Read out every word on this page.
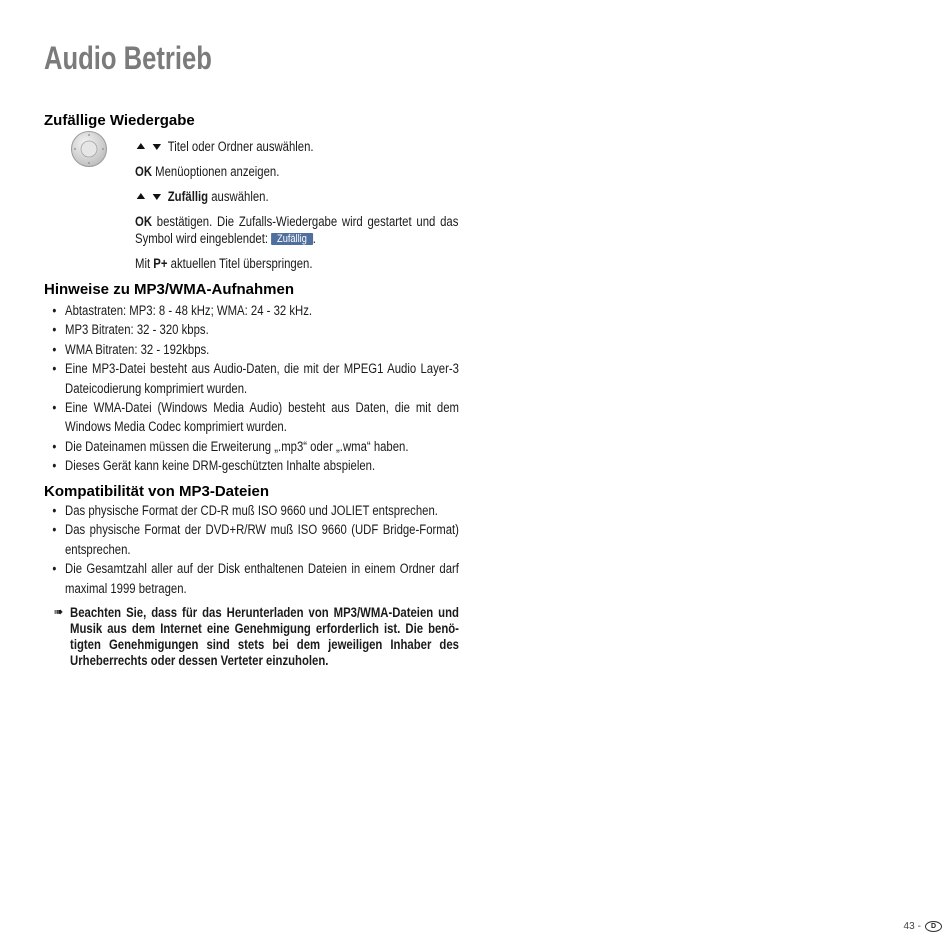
Audio Betrieb
Zufällige Wiedergabe
Titel oder Ordner auswählen.
OK Menüoptionen anzeigen.
Zufällig auswählen.
OK bestätigen. Die Zufalls-Wiedergabe wird gestartet und das
Symbol wird eingeblendet: Zufällig .
Mit P+ aktuellen Titel überspringen.
Hinweise zu MP3/WMA-Aufnahmen
• Abtastraten: MP3: 8 - 48 kHz; WMA: 24 - 32 kHz.
• MP3 Bitraten: 32 - 320 kbps.
• WMA Bitraten: 32 - 192kbps.
• Eine MP3-Datei besteht aus Audio-Daten, die mit der MPEG1 Audio Layer-3
Dateicodierung komprimiert wurden.
• Eine WMA-Datei (Windows Media Audio) besteht aus Daten, die mit dem
Windows Media Codec komprimiert wurden.
• Die Dateinamen müssen die Erweiterung „.mp3“ oder „.wma“ haben.
• Dieses Gerät kann keine DRM-geschützten Inhalte abspielen.
Kompatibilität von MP3-Dateien
• Das physische Format der CD-R muß ISO 9660 und JOLIET entsprechen.
• Das physische Format der DVD+R/RW muß ISO 9660 (UDF Bridge-Format)
entsprechen.
• Die Gesamtzahl aller auf der Disk enthaltenen Dateien in einem Ordner darf
maximal 1999 betragen.
➠ Beachten Sie, dass für das Herunterladen von MP3/WMA-Dateien und
Musik aus dem Internet eine Genehmigung erforderlich ist. Die benö-
tigten Genehmigungen sind stets bei dem jeweiligen Inhaber des
Urheberrechts oder dessen Verteter einzuholen.
43 -	D
